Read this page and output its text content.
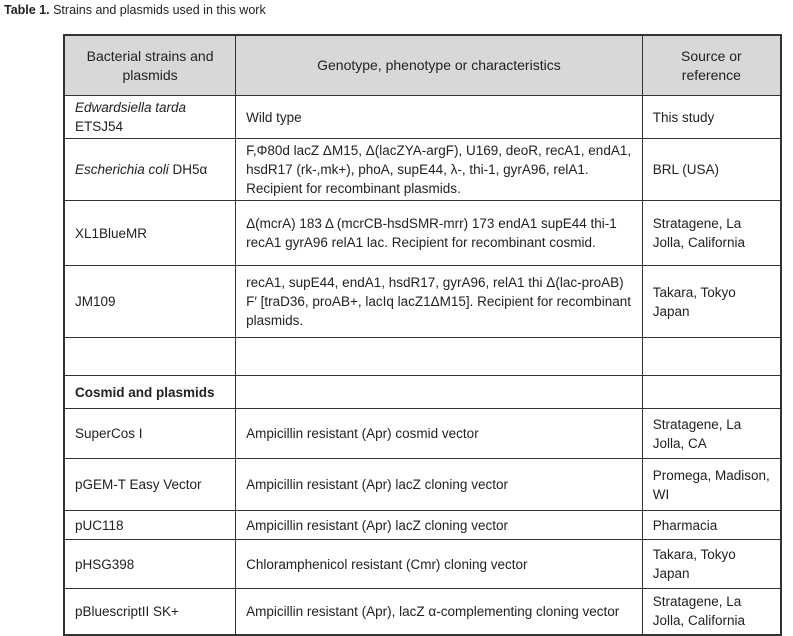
Table 1. Strains and plasmids used in this work
Bacterial strains and plasmids	Genotype, phenotype or characteristics	Source or reference
Edwardsiella tarda ETSJ54	Wild type	This study
Escherichia coli DH5α	F,Φ80d lacZ ΔM15, Δ(lacZYA-argF), U169, deoR, recA1, endA1, hsdR17 (rk-,mk+), phoA, supE44, λ-, thi-1, gyrA96, relA1. Recipient for recombinant plasmids.	BRL (USA)
XL1BlueMR	Δ(mcrA) 183 Δ (mcrCB-hsdSMR-mrr) 173 endA1 supE44 thi-1 recA1 gyrA96 relA1 lac. Recipient for recombinant cosmid.	Stratagene, La Jolla, California
JM109	recA1, supE44, endA1, hsdR17, gyrA96, relA1 thi Δ(lac-proAB) F′ [traD36, proAB+, lacIq lacZ1ΔM15]. Recipient for recombinant plasmids.	Takara, Tokyo Japan

Cosmid and plasmids		
SuperCos I	Ampicillin resistant (Apr) cosmid vector	Stratagene, La Jolla, CA
pGEM-T Easy Vector	Ampicillin resistant (Apr) lacZ cloning vector	Promega, Madison, WI
pUC118	Ampicillin resistant (Apr) lacZ cloning vector	Pharmacia
pHSG398	Chloramphenicol resistant (Cmr) cloning vector	Takara, Tokyo Japan
pBluescriptII SK+	Ampicillin resistant (Apr), lacZ α-complementing cloning vector	Stratagene, La Jolla, California
